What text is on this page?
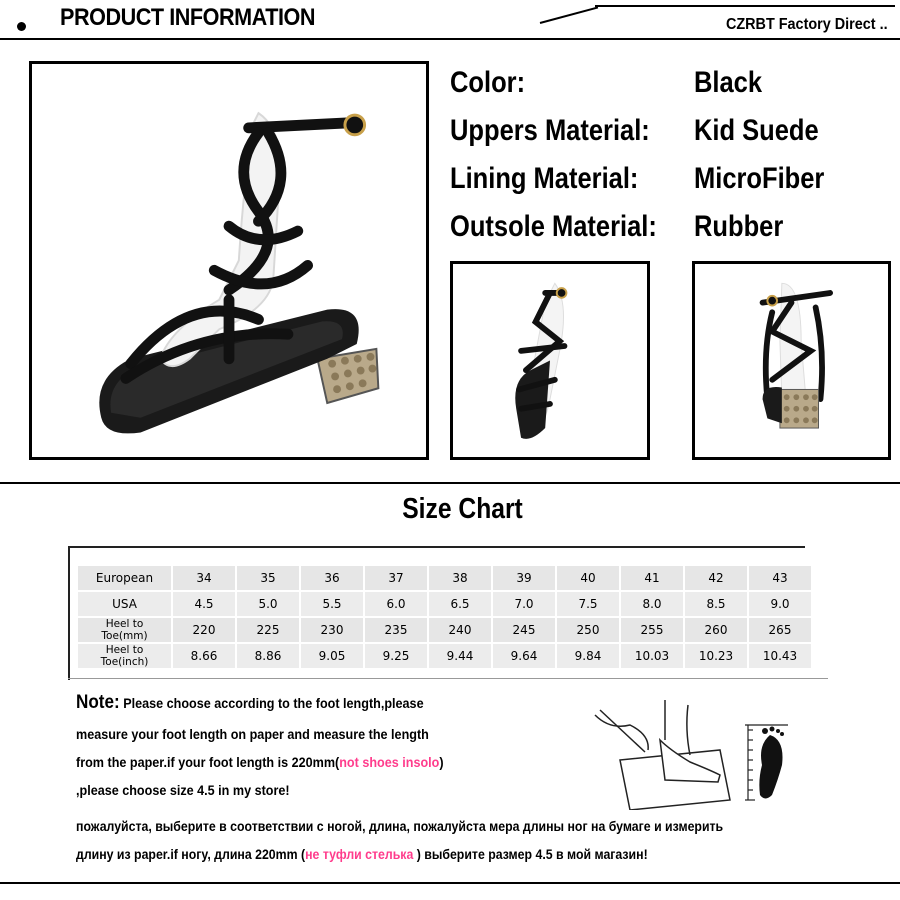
PRODUCT INFORMATION	CZRBT Factory Direct ..
Color:	Black
Uppers Material: Kid Suede
Lining Material: MicroFiber
Outsole Material: Rubber
Size Chart
European	34	35	36	37	38	39	40	41	42	43
USA	4.5	5.0	5.5	6.0	6.5	7.0	7.5	8.0	8.5	9.0
Heel to Toe(mm)	220	225	230	235	240	245	250	255	260	265
Heel to Toe(inch)	8.66	8.86	9.05	9.25	9.44	9.64	9.84	10.03	10.23	10.43
Note: Please choose according to the foot length,please
measure your foot length on paper and measure the length
from the paper.if your foot length is 220mm(not shoes insolo)
,please choose size 4.5 in my store!
пожалуйста, выберите в соответствии с ногой, длина, пожалуйста мера длины ног на бумаге и измерить
длину из paper.if ногу, длина 220mm (не туфли стелька ) выберите размер 4.5 в мой магазин!
